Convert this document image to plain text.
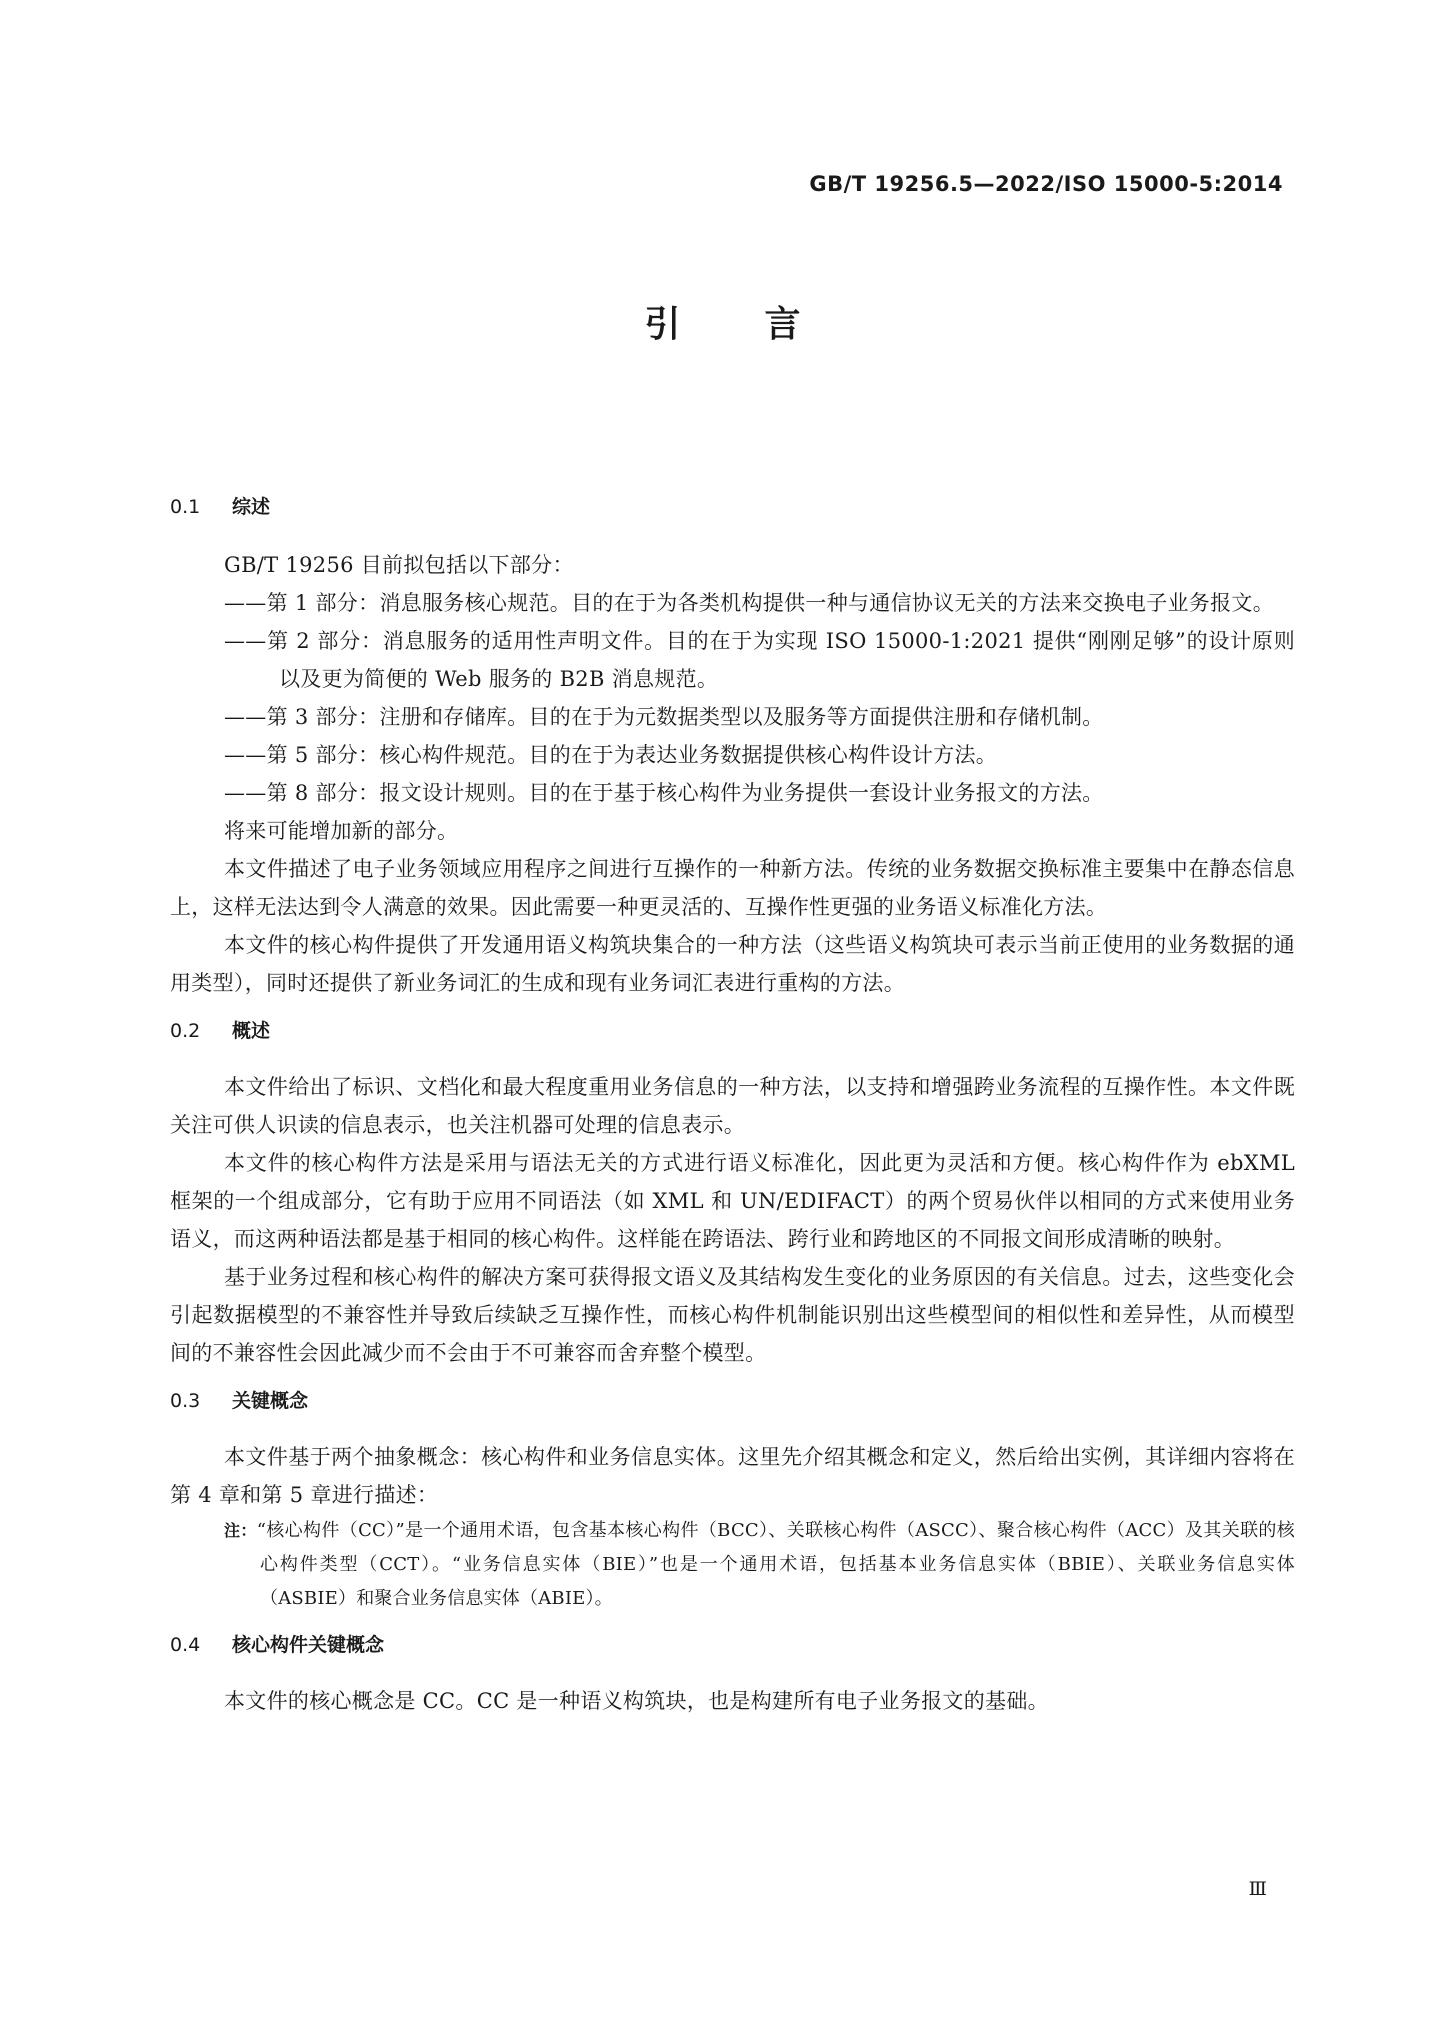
GB/T 19256.5—2022/ISO 15000-5:2014
引 言
0.1 综述

GB/T 19256 目前拟包括以下部分：

——第 1 部分：消息服务核心规范。目的在于为各类机构提供一种与通信协议无关的方法来交换电子业务报文。

——第 2 部分：消息服务的适用性声明文件。目的在于为实现 ISO 15000-1:2021 提供“刚刚足够”的设计原则以及更为简便的 Web 服务的 B2B 消息规范。

——第 3 部分：注册和存储库。目的在于为元数据类型以及服务等方面提供注册和存储机制。

——第 5 部分：核心构件规范。目的在于为表达业务数据提供核心构件设计方法。

——第 8 部分：报文设计规则。目的在于基于核心构件为业务提供一套设计业务报文的方法。

将来可能增加新的部分。

本文件描述了电子业务领域应用程序之间进行互操作的一种新方法。传统的业务数据交换标准主要集中在静态信息上，这样无法达到令人满意的效果。因此需要一种更灵活的、互操作性更强的业务语义标准化方法。

本文件的核心构件提供了开发通用语义构筑块集合的一种方法（这些语义构筑块可表示当前正使用的业务数据的通用类型），同时还提供了新业务词汇的生成和现有业务词汇表进行重构的方法。

0.2 概述

本文件给出了标识、文档化和最大程度重用业务信息的一种方法，以支持和增强跨业务流程的互操作性。本文件既关注可供人识读的信息表示，也关注机器可处理的信息表示。

本文件的核心构件方法是采用与语法无关的方式进行语义标准化，因此更为灵活和方便。核心构件作为 ebXML 框架的一个组成部分，它有助于应用不同语法（如 XML 和 UN/EDIFACT）的两个贸易伙伴以相同的方式来使用业务语义，而这两种语法都是基于相同的核心构件。这样能在跨语法、跨行业和跨地区的不同报文间形成清晰的映射。

基于业务过程和核心构件的解决方案可获得报文语义及其结构发生变化的业务原因的有关信息。过去，这些变化会引起数据模型的不兼容性并导致后续缺乏互操作性，而核心构件机制能识别出这些模型间的相似性和差异性，从而模型间的不兼容性会因此减少而不会由于不可兼容而舍弃整个模型。

0.3 关键概念

本文件基于两个抽象概念：核心构件和业务信息实体。这里先介绍其概念和定义，然后给出实例，其详细内容将在第 4 章和第 5 章进行描述：

注：“核心构件（CC）”是一个通用术语，包含基本核心构件（BCC）、关联核心构件（ASCC）、聚合核心构件（ACC）及其关联的核心构件类型（CCT）。“业务信息实体（BIE）”也是一个通用术语，包括基本业务信息实体（BBIE）、关联业务信息实体（ASBIE）和聚合业务信息实体（ABIE）。

0.4 核心构件关键概念

本文件的核心概念是 CC。CC 是一种语义构筑块，也是构建所有电子业务报文的基础。

Ⅲ
